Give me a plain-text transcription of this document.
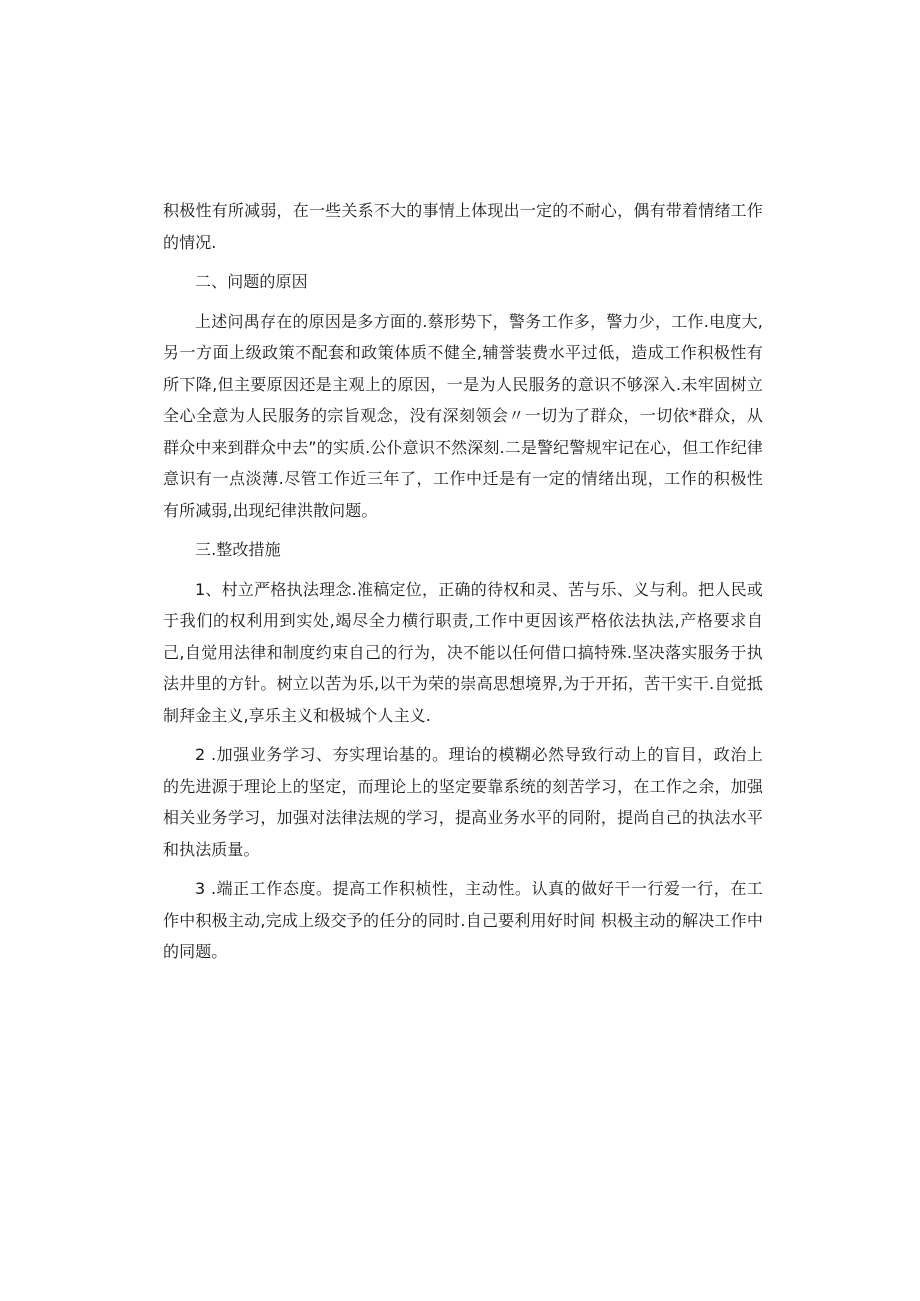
积极性有所减弱，在一些关系不大的事情上体现出一定的不耐心，偶有带着情绪工作的情况.

二、问题的原因

上述问禺存在的原因是多方面的.蔡形势下，警务工作多，警力少，工作.电度大,另一方面上级政策不配套和政策体质不健全,辅誉装费水平过低，造成工作积极性有所下降,但主要原因还是主观上的原因，一是为人民服务的意识不够深入.未牢固树立全心全意为人民服务的宗旨观念，没有深刻领会〃一切为了群众，一切依*群众，从群众中来到群众中去”的实质.公仆意识不然深刻.二是警纪警规牢记在心，但工作纪律意识有一点淡薄.尽管工作近三年了，工作中迁是有一定的情绪出现，工作的积极性有所减弱,出现纪律洪散问题。

三.整改措施

1、村立严格执法理念.准稿定位，正确的待权和灵、苦与乐、义与利。把人民或于我们的权利用到实处,竭尽全力横行职责,工作中更因该严格依法执法,产格要求自己,自觉用法律和制度约束自己的行为，决不能以任何借口搞特殊.坚决落实服务于执法井里的方针。树立以苦为乐,以干为荣的崇高思想境界,为于开拓，苦干实干.自觉抵制拜金主义,享乐主义和极城个人主义.

2 .加强业务学习、夯实理诒基的。理诒的模糊必然导致行动上的盲目，政治上的先进源于理论上的坚定，而理论上的坚定要靠系统的刻苦学习，在工作之余，加强相关业务学习，加强对法律法规的学习，提高业务水平的同附，提尚自己的执法水平和执法质量。

3 .端正工作态度。提高工作积桢性，主动性。认真的做好干一行爱一行，在工作中积极主动,完成上级交予的任分的同时.自己要利用好时间 枳极主动的解决工作中的同题。
